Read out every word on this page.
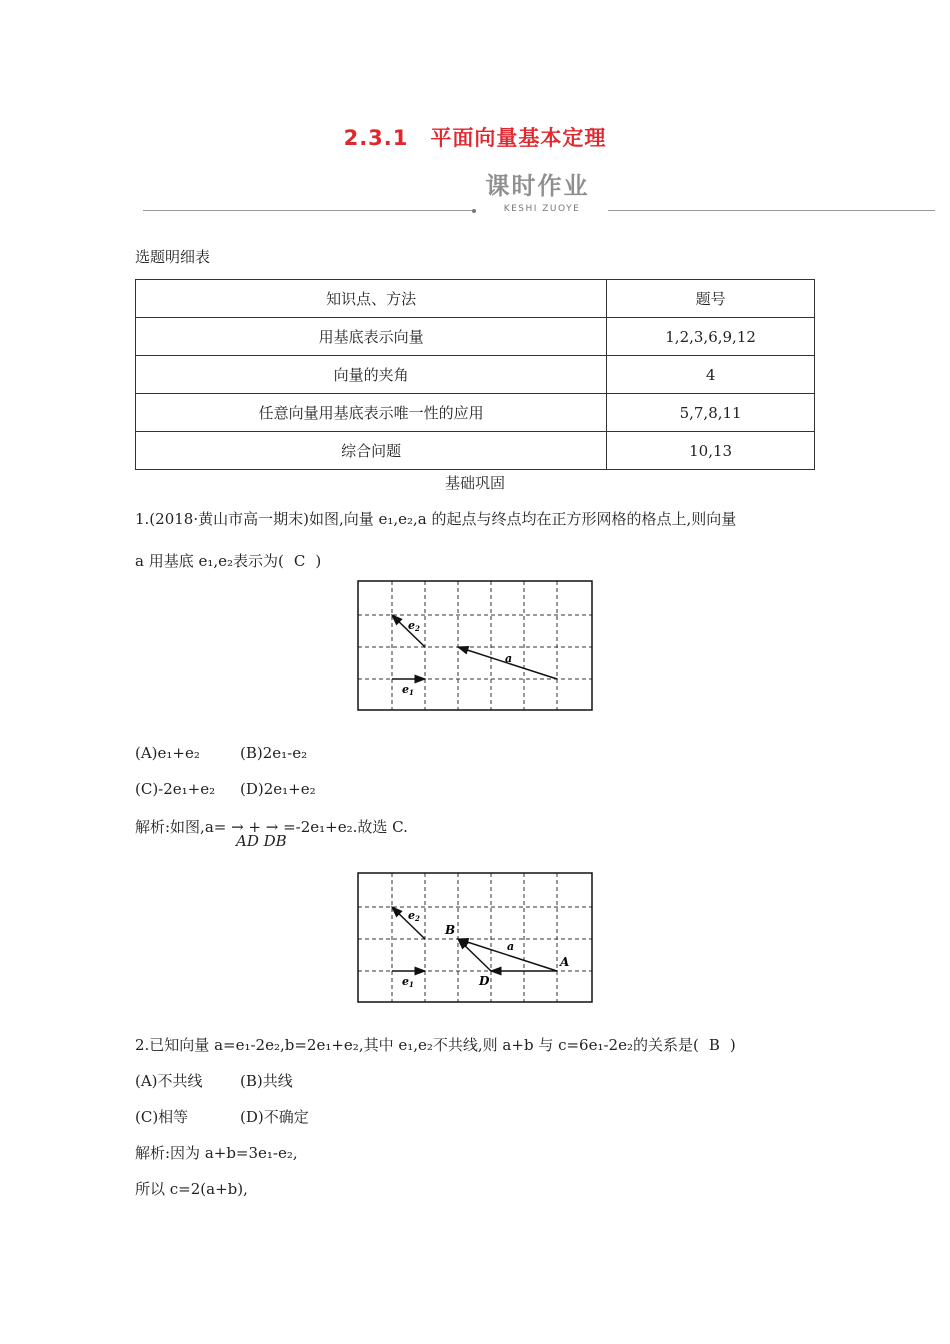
2.3.1　平面向量基本定理
课时作业
KESHI ZUOYE
选题明细表
知识点、方法	题号
用基底表示向量	1,2,3,6,9,12
向量的夹角	4
任意向量用基底表示唯一性的应用	5,7,8,11
综合问题	10,13
基础巩固
1.(2018·黄山市高一期末)如图,向量 e₁,e₂,a 的起点与终点均在正方形网格的格点上,则向量
a 用基底 e₁,e₂表示为( C )
e2
a
e1
(A)e₁+e₂	(B)2e₁-e₂
(C)-2e₁+e₂ (D)2e₁+e₂
解析:如图,a= → + → =-2e₁+e₂.故选 C.
AD DB
e2
B
a
A
D
e1
2.已知向量 a=e₁-2e₂,b=2e₁+e₂,其中 e₁,e₂不共线,则 a+b 与 c=6e₁-2e₂的关系是( B )
(A)不共线 (B)共线
(C)相等	(D)不确定
解析:因为 a+b=3e₁-e₂,
所以 c=2(a+b),
